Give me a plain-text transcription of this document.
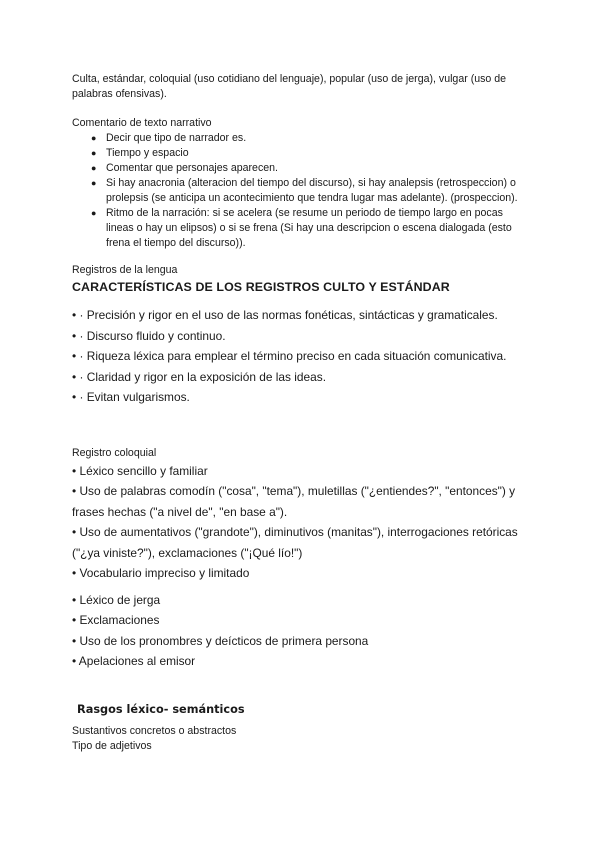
Culta, estándar, coloquial (uso cotidiano del lenguaje), popular (uso de jerga), vulgar (uso de palabras ofensivas).

Comentario de texto narrativo

● Decir que tipo de narrador es.
● Tiempo y espacio
● Comentar que personajes aparecen.
● Si hay anacronia (alteracion del tiempo del discurso), si hay analepsis (retrospeccion) o prolepsis (se anticipa un acontecimiento que tendra lugar mas adelante). (prospeccion).
● Ritmo de la narración: si se acelera (se resume un periodo de tiempo largo en pocas lineas o hay un elipsos) o si se frena (Si hay una descripcion o escena dialogada (esto frena el tiempo del discurso)).

Registros de la lengua

CARACTERÍSTICAS DE LOS REGISTROS CULTO Y ESTÁNDAR

• · Precisión y rigor en el uso de las normas fonéticas, sintácticas y gramaticales.

• · Discurso fluido y continuo.

• · Riqueza léxica para emplear el término preciso en cada situación comunicativa.

• · Claridad y rigor en la exposición de las ideas.

• · Evitan vulgarismos.

Registro coloquial

• Léxico sencillo y familiar

• Uso de palabras comodín ("cosa", "tema"), muletillas ("¿entiendes?", "entonces") y frases hechas ("a nivel de", "en base a").

• Uso de aumentativos ("grandote"), diminutivos (manitas"), interrogaciones retóricas ("¿ya viniste?"), exclamaciones ("¡Qué lío!")

• Vocabulario impreciso y limitado

• Léxico de jerga

• Exclamaciones

• Uso de los pronombres y deícticos de primera persona

• Apelaciones al emisor

Rasgos léxico- semánticos

Sustantivos concretos o abstractos

Tipo de adjetivos
